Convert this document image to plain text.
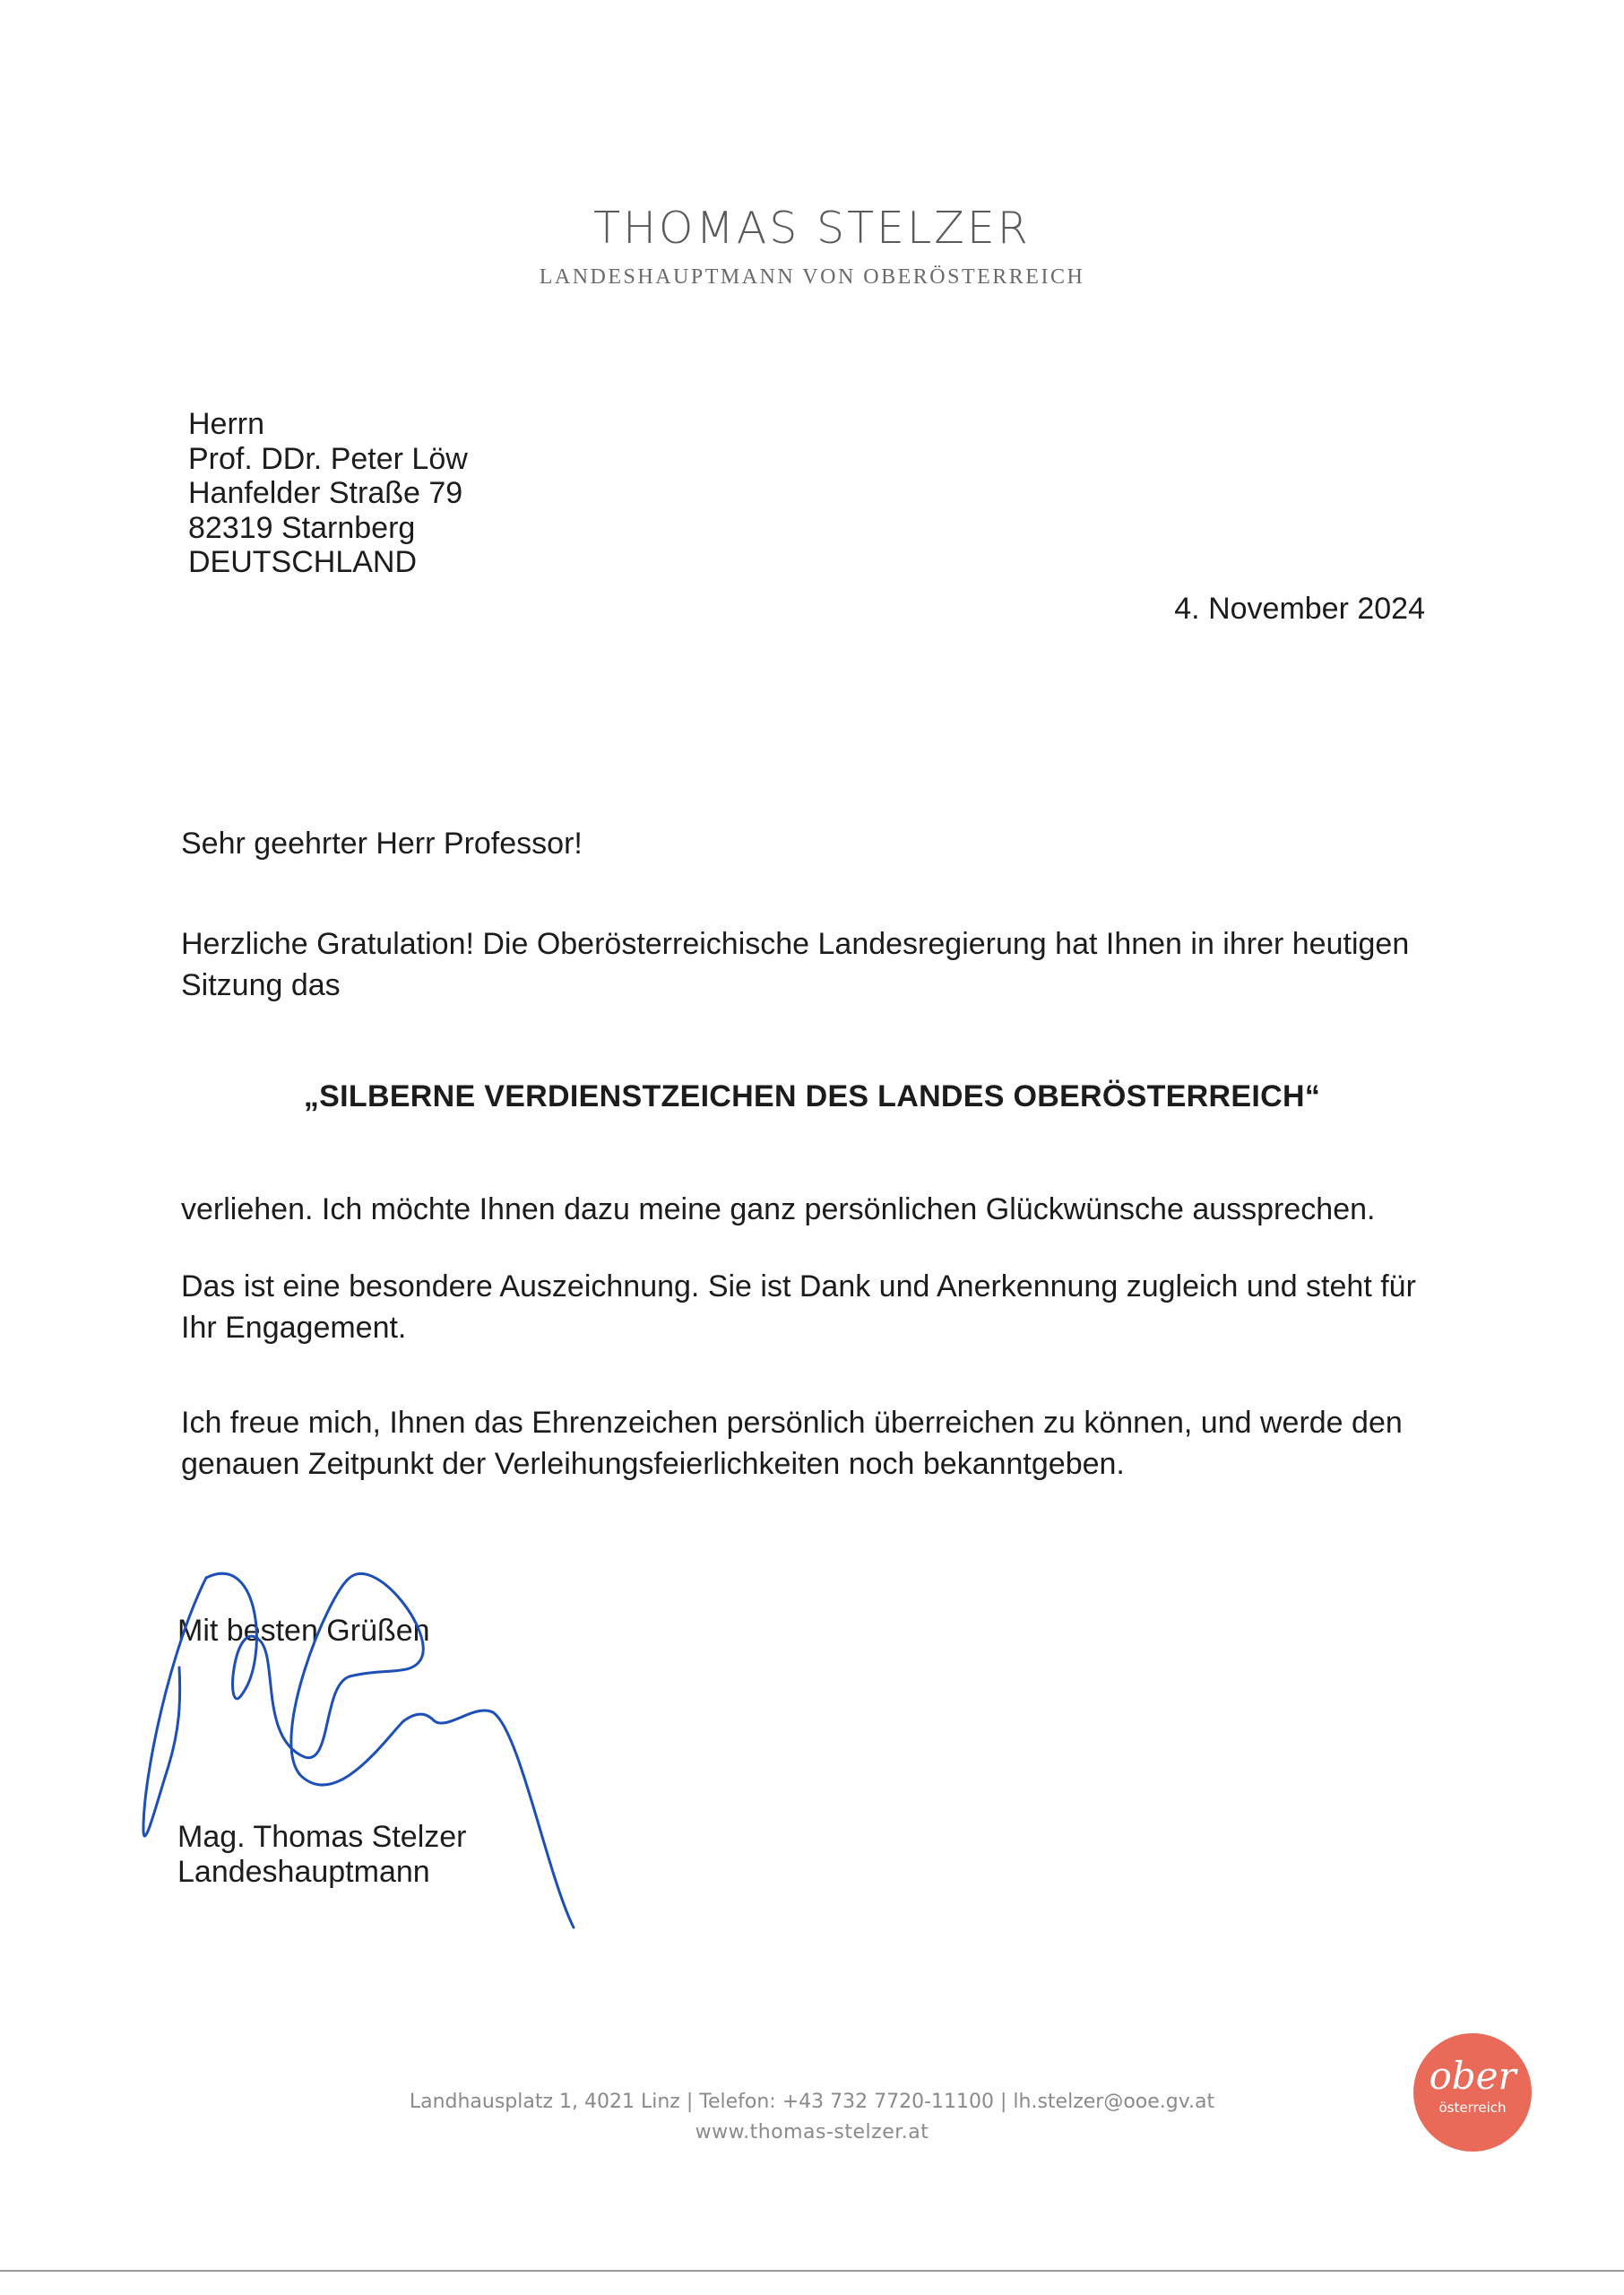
THOMAS STELZER
LANDESHAUPTMANN VON OBERÖSTERREICH
Herrn
Prof. DDr. Peter Löw
Hanfelder Straße 79
82319 Starnberg
DEUTSCHLAND
4. November 2024
Sehr geehrter Herr Professor!
Herzliche Gratulation! Die Oberösterreichische Landesregierung hat Ihnen in ihrer heutigen Sitzung das
„SILBERNE VERDIENSTZEICHEN DES LANDES OBERÖSTERREICH“
verliehen. Ich möchte Ihnen dazu meine ganz persönlichen Glückwünsche aussprechen.
Das ist eine besondere Auszeichnung. Sie ist Dank und Anerkennung zugleich und steht für Ihr Engagement.
Ich freue mich, Ihnen das Ehrenzeichen persönlich überreichen zu können, und werde den genauen Zeitpunkt der Verleihungsfeierlichkeiten noch bekanntgeben.
Mit besten Grüßen
Mag. Thomas Stelzer
Landeshauptmann
Landhausplatz 1, 4021 Linz | Telefon: +43 732 7720-11100 | lh.stelzer@ooe.gv.at
www.thomas-stelzer.at
ober
österreich
